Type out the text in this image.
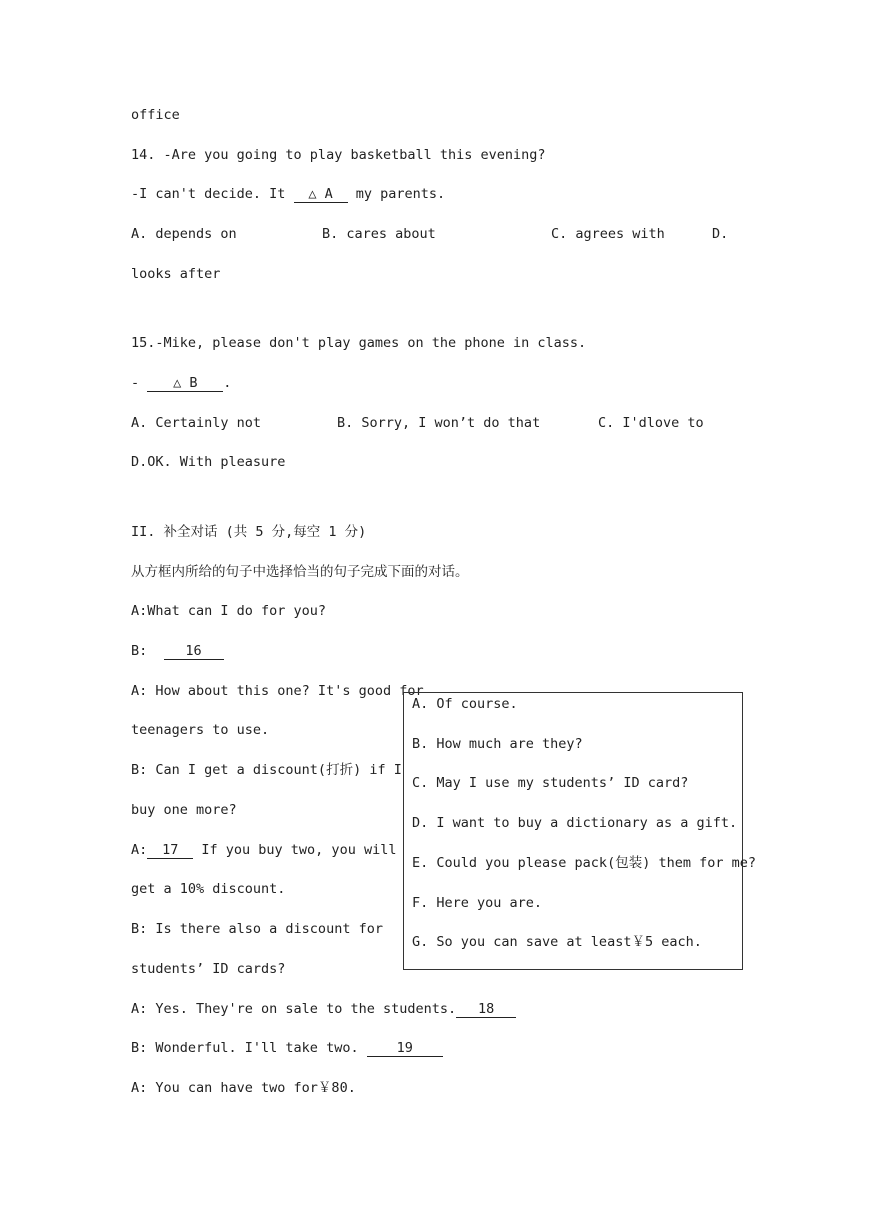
office
14. -Are you going to play basketball this evening?
-I can't decide. It △ A my parents.
A. depends on	B. cares about	C. agrees with	D.
looks after
15.-Mike, please don't play games on the phone in class.
- △ B .
A. Certainly not	B. Sorry, I won’t do that	C. I'dlove to
D.OK. With pleasure
II. 补全对话 (共 5 分,每空 1 分)
从方框内所给的句子中选择恰当的句子完成下面的对话。
A:What can I do for you?
B:  16
A: How about this one? It's good for
teenagers to use.
B: Can I get a discount(打折) if I
buy one more?
A: 17 If you buy two, you will
get a 10% discount.
B: Is there also a discount for
students’ ID cards?
A: Yes. They're on sale to the students. 18
B: Wonderful. I'll take two. 19
A: You can have two for￥80.
A. Of course.
B. How much are they?
C. May I use my students’ ID card?
D. I want to buy a dictionary as a gift.
E. Could you please pack(包装) them for me?
F. Here you are.
G. So you can save at least￥5 each.
